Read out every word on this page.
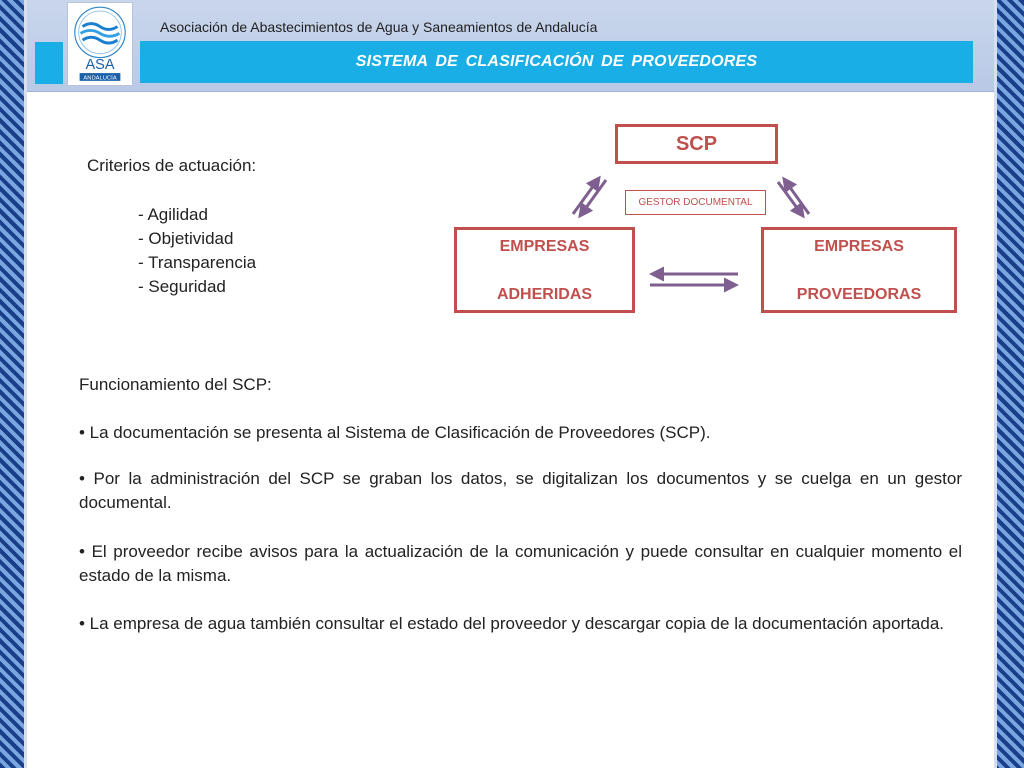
Asociación de Abastecimientos de Agua y Saneamientos de Andalucía
ASA
ANDALUCÍA
SISTEMA DE CLASIFICACIÓN DE PROVEEDORES
Criterios de actuación:
- Agilidad
- Objetividad
- Transparencia
- Seguridad
SCP
GESTOR DOCUMENTAL
EMPRESAS
ADHERIDAS
EMPRESAS
PROVEEDORAS
Funcionamiento del SCP:

• La documentación se presenta al Sistema de Clasificación de Proveedores (SCP).

• Por la administración del SCP se graban los datos, se digitalizan los documentos y se cuelga en un gestor documental.

• El proveedor recibe avisos para la actualización de la comunicación y puede consultar en cualquier momento el estado de la misma.

• La empresa de agua también consultar el estado del proveedor y descargar copia de la documentación aportada.
